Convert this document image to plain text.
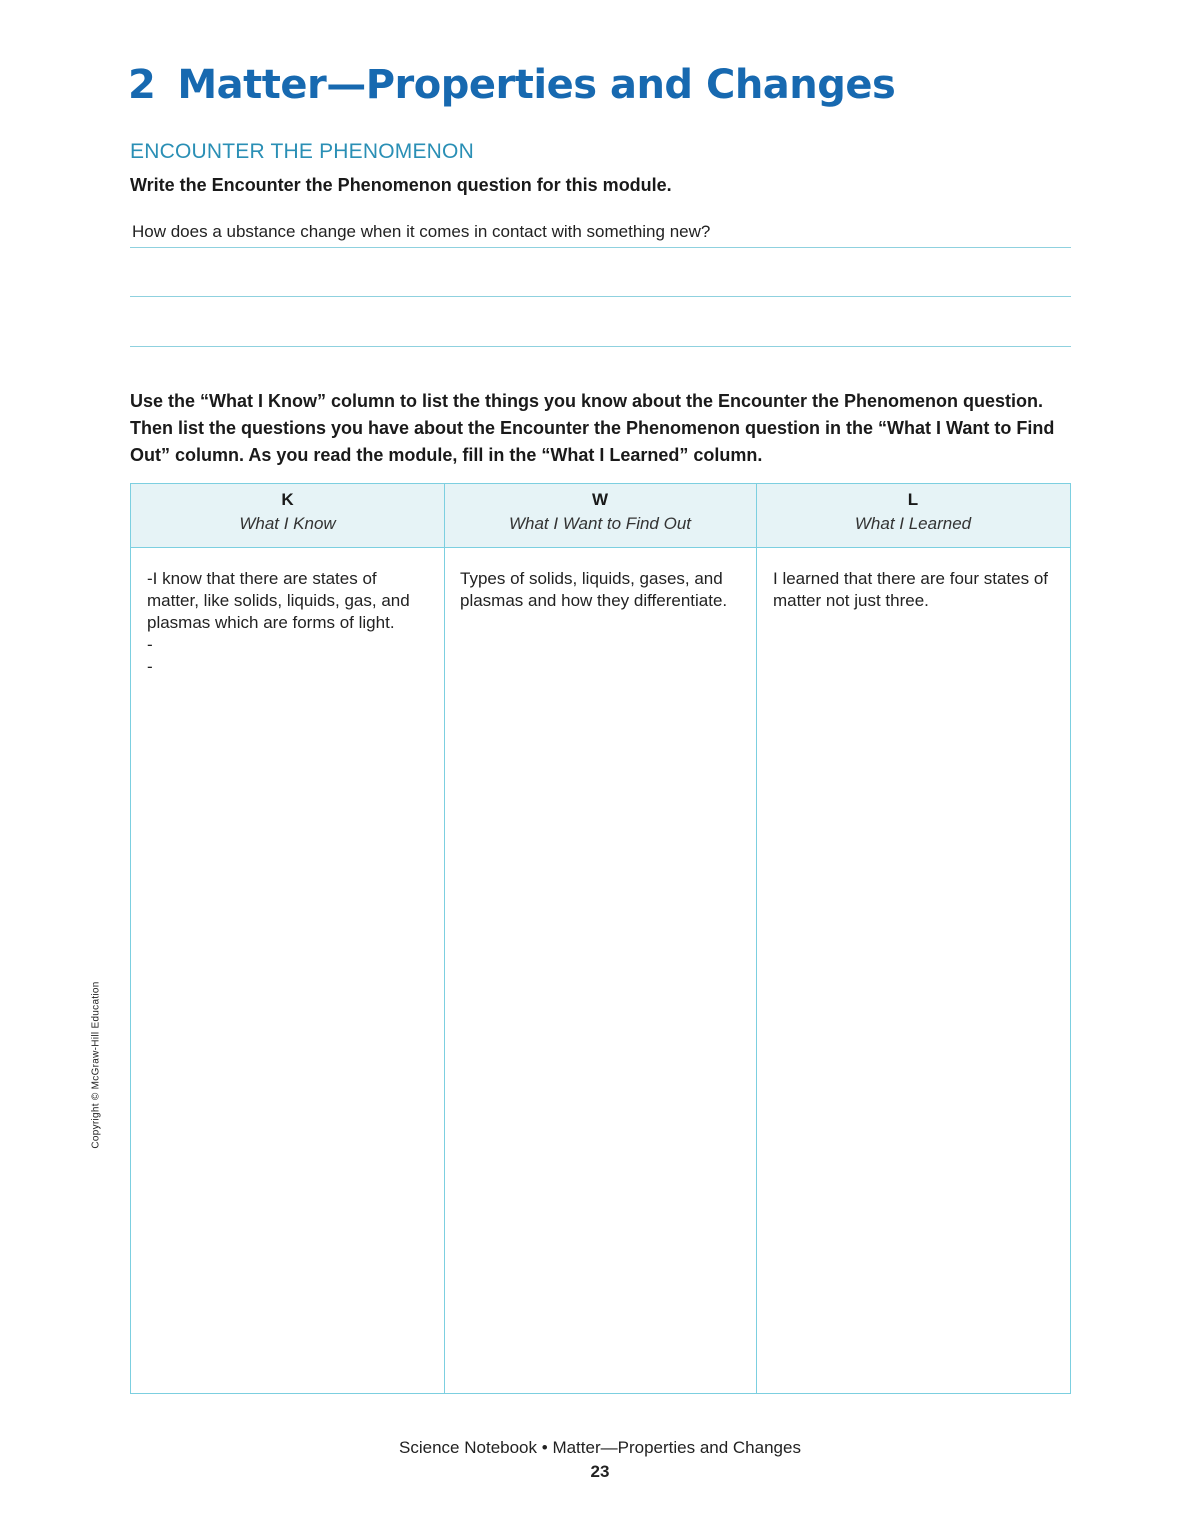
2 Matter—Properties and Changes
ENCOUNTER THE PHENOMENON
Write the Encounter the Phenomenon question for this module.
How does a ubstance change when it comes in contact with something new?
Use the “What I Know” column to list the things you know about the Encounter the Phenomenon question. Then list the questions you have about the Encounter the Phenomenon question in the “What I Want to Find Out” column. As you read the module, fill in the “What I Learned” column.
K
What I Know
W
What I Want to Find Out
L
What I Learned

-I know that there are states of matter, like solids, liquids, gas, and plasmas which are forms of light.

-

-

Types of solids, liquids, gases, and plasmas and how they differentiate.

I learned that there are four states of matter not just three.

Copyright © McGraw-Hill Education
Science Notebook • Matter—Properties and Changes
23
